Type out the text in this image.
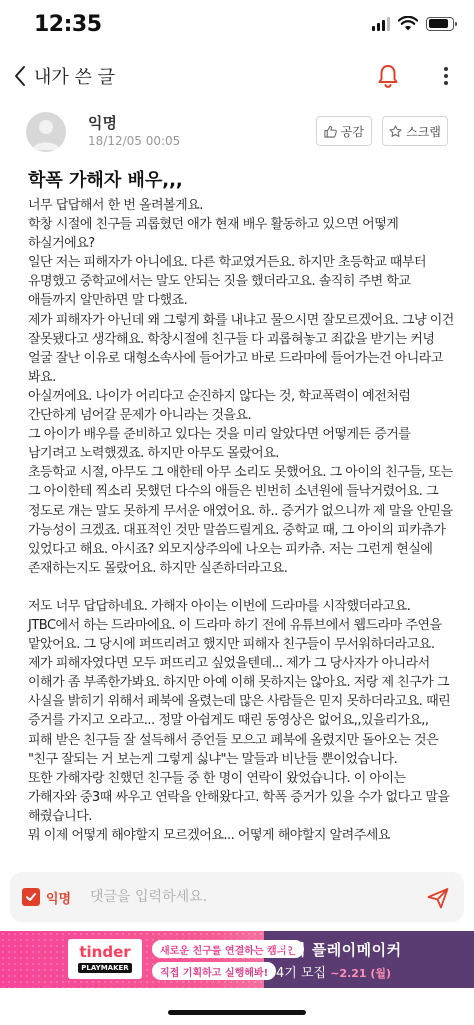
12:35
내가 쓴 글
익명
18/12/05 00:05
공감	스크랩
학폭 가해자 배우,,,

너무 답답해서 한 번 올려볼게요.
학창 시절에 친구들 괴롭혔던 애가 현재 배우 활동하고 있으면 어떻게 하실거에요?
일단 저는 피해자가 아니에요. 다른 학교였거든요. 하지만 초등학교 때부터 유명했고 중학교에서는 말도 안되는 짓을 했더라고요. 솔직히 주변 학교 애들까지 알만하면 말 다했죠.
제가 피해자가 아닌데 왜 그렇게 화를 내냐고 물으시면 잘모르겠어요. 그냥 이건 잘못됐다고 생각해요. 학창시절에 친구들 다 괴롭혀놓고 죄값을 받기는 커녕 얼굴 잘난 이유로 대형소속사에 들어가고 바로 드라마에 들어가는건 아니라고 봐요.
아실꺼에요. 나이가 어리다고 순진하지 않다는 것, 학교폭력이 예전처럼 간단하게 넘어갈 문제가 아니라는 것을요.
그 아이가 배우를 준비하고 있다는 것을 미리 알았다면 어떻게든 증거를 남기려고 노력했겠죠. 하지만 아무도 몰랐어요.
초등학교 시절, 아무도 그 애한테 아무 소리도 못했어요. 그 아이의 친구들, 또는 그 아이한테 찍소리 못했던 다수의 애들은 빈번히 소년원에 들낙거렸어요. 그 정도로 걔는 말도 못하게 무서운 애였어요. 하.. 증거가 없으니까 제 말을 안믿을 가능성이 크겠죠. 대표적인 것만 말씀드릴게요. 중학교 때, 그 아이의 피카츄가 있었다고 해요. 아시죠? 외모지상주의에 나오는 피카츄. 저는 그런게 현실에 존재하는지도 몰랐어요. 하지만 실존하더라고요.

저도 너무 답답하네요. 가해자 아이는 이번에 드라마를 시작했더라고요. JTBC에서 하는 드라마에요. 이 드라마 하기 전에 유튜브에서 웹드라마 주연을 맡았어요. 그 당시에 퍼뜨리려고 했지만 피해자 친구들이 무서워하더라고요. 제가 피해자였다면 모두 퍼뜨리고 싶었을텐데... 제가 그 당사자가 아니라서 이해가 좀 부족한가봐요. 하지만 아예 이해 못하지는 않아요. 저랑 제 친구가 그 사실을 밝히기 위해서 페북에 올렸는데 많은 사람들은 믿지 못하더라고요. 때린 증거를 가지고 오라고... 정말 아쉽게도 때린 동영상은 없어요,,있을리가요,, 피해 받은 친구들 잘 설득해서 증언들 모으고 페북에 올렸지만 돌아오는 것은 "친구 잘되는 거 보는게 그렇게 싫냐"는 말들과 비난들 뿐이었습니다.
또한 가해자랑 친했던 친구들 중 한 명이 연락이 왔었습니다. 이 아이는 가해자와 중3때 싸우고 연락을 안해왔다고. 학폭 증거가 있을 수가 없다고 말을 해줬습니다.
뭐 이제 어떻게 해야할지 모르겠어요... 어떻게 해야할지 알려주세요

익명
댓글을 입력하세요.
tinder
PLAYMAKER
새로운 친구를 연결하는 캠퍼인
직접 기획하고 실행해봐!
틴더 플레이메이커
4기 모집 ~2.21 (월)
